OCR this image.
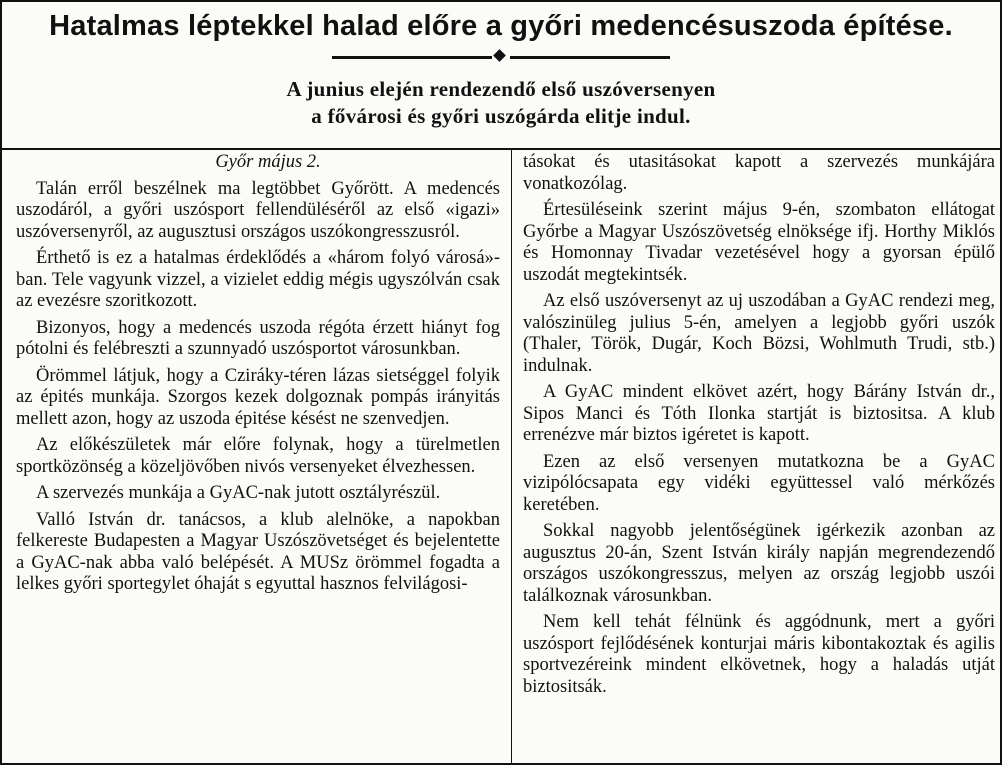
Hatalmas léptekkel halad előre a győri medencésuszoda építése.
A junius elején rendezendő első uszóversenyen
a fővárosi és győri uszógárda elitje indul.

Győr május 2.

Talán erről beszélnek ma legtöbbet Győrött. A medencés uszodáról, a győri uszósport fellendüléséről az első «igazi» uszóversenyről, az augusztusi országos uszókongresszusról.

Érthető is ez a hatalmas érdeklődés a «három folyó városá»-ban. Tele vagyunk vizzel, a vizielet eddig mégis ugyszólván csak az evezésre szoritkozott.

Bizonyos, hogy a medencés uszoda régóta érzett hiányt fog pótolni és felébreszti a szunnyadó uszósportot városunkban.

Örömmel látjuk, hogy a Cziráky-téren lázas sietséggel folyik az épités munkája. Szorgos kezek dolgoznak pompás irányitás mellett azon, hogy az uszoda épitése késést ne szenvedjen.

Az előkészületek már előre folynak, hogy a türelmetlen sportközönség a közeljövőben nivós versenyeket élvezhessen.

A szervezés munkája a GyAC-nak jutott osztályrészül.

Valló István dr. tanácsos, a klub alelnöke, a napokban felkereste Budapesten a Magyar Uszószövetséget és bejelentette a GyAC-nak abba való belépését. A MUSz örömmel fogadta a lelkes győri sportegylet óhaját s egyuttal hasznos felvilágosi-

tásokat és utasitásokat kapott a szervezés munkájára vonatkozólag.

Értesüléseink szerint május 9-én, szombaton ellátogat Győrbe a Magyar Uszószövetség elnöksége ifj. Horthy Miklós és Homonnay Tivadar vezetésével hogy a gyorsan épülő uszodát megtekintsék.

Az első uszóversenyt az uj uszodában a GyAC rendezi meg, valószinüleg julius 5-én, amelyen a legjobb győri uszók (Thaler, Török, Dugár, Koch Bözsi, Wohlmuth Trudi, stb.) indulnak.

A GyAC mindent elkövet azért, hogy Bárány István dr., Sipos Manci és Tóth Ilonka startját is biztositsa. A klub errenézve már biztos igéretet is kapott.

Ezen az első versenyen mutatkozna be a GyAC vizipólócsapata egy vidéki együttessel való mérkőzés keretében.

Sokkal nagyobb jelentőségünek igérkezik azonban az augusztus 20-án, Szent István király napján megrendezendő országos uszókongresszus, melyen az ország legjobb uszói találkoznak városunkban.

Nem kell tehát félnünk és aggódnunk, mert a győri uszósport fejlődésének konturjai máris kibontakoztak és agilis sportvezéreink mindent elkövetnek, hogy a haladás utját biztositsák.
